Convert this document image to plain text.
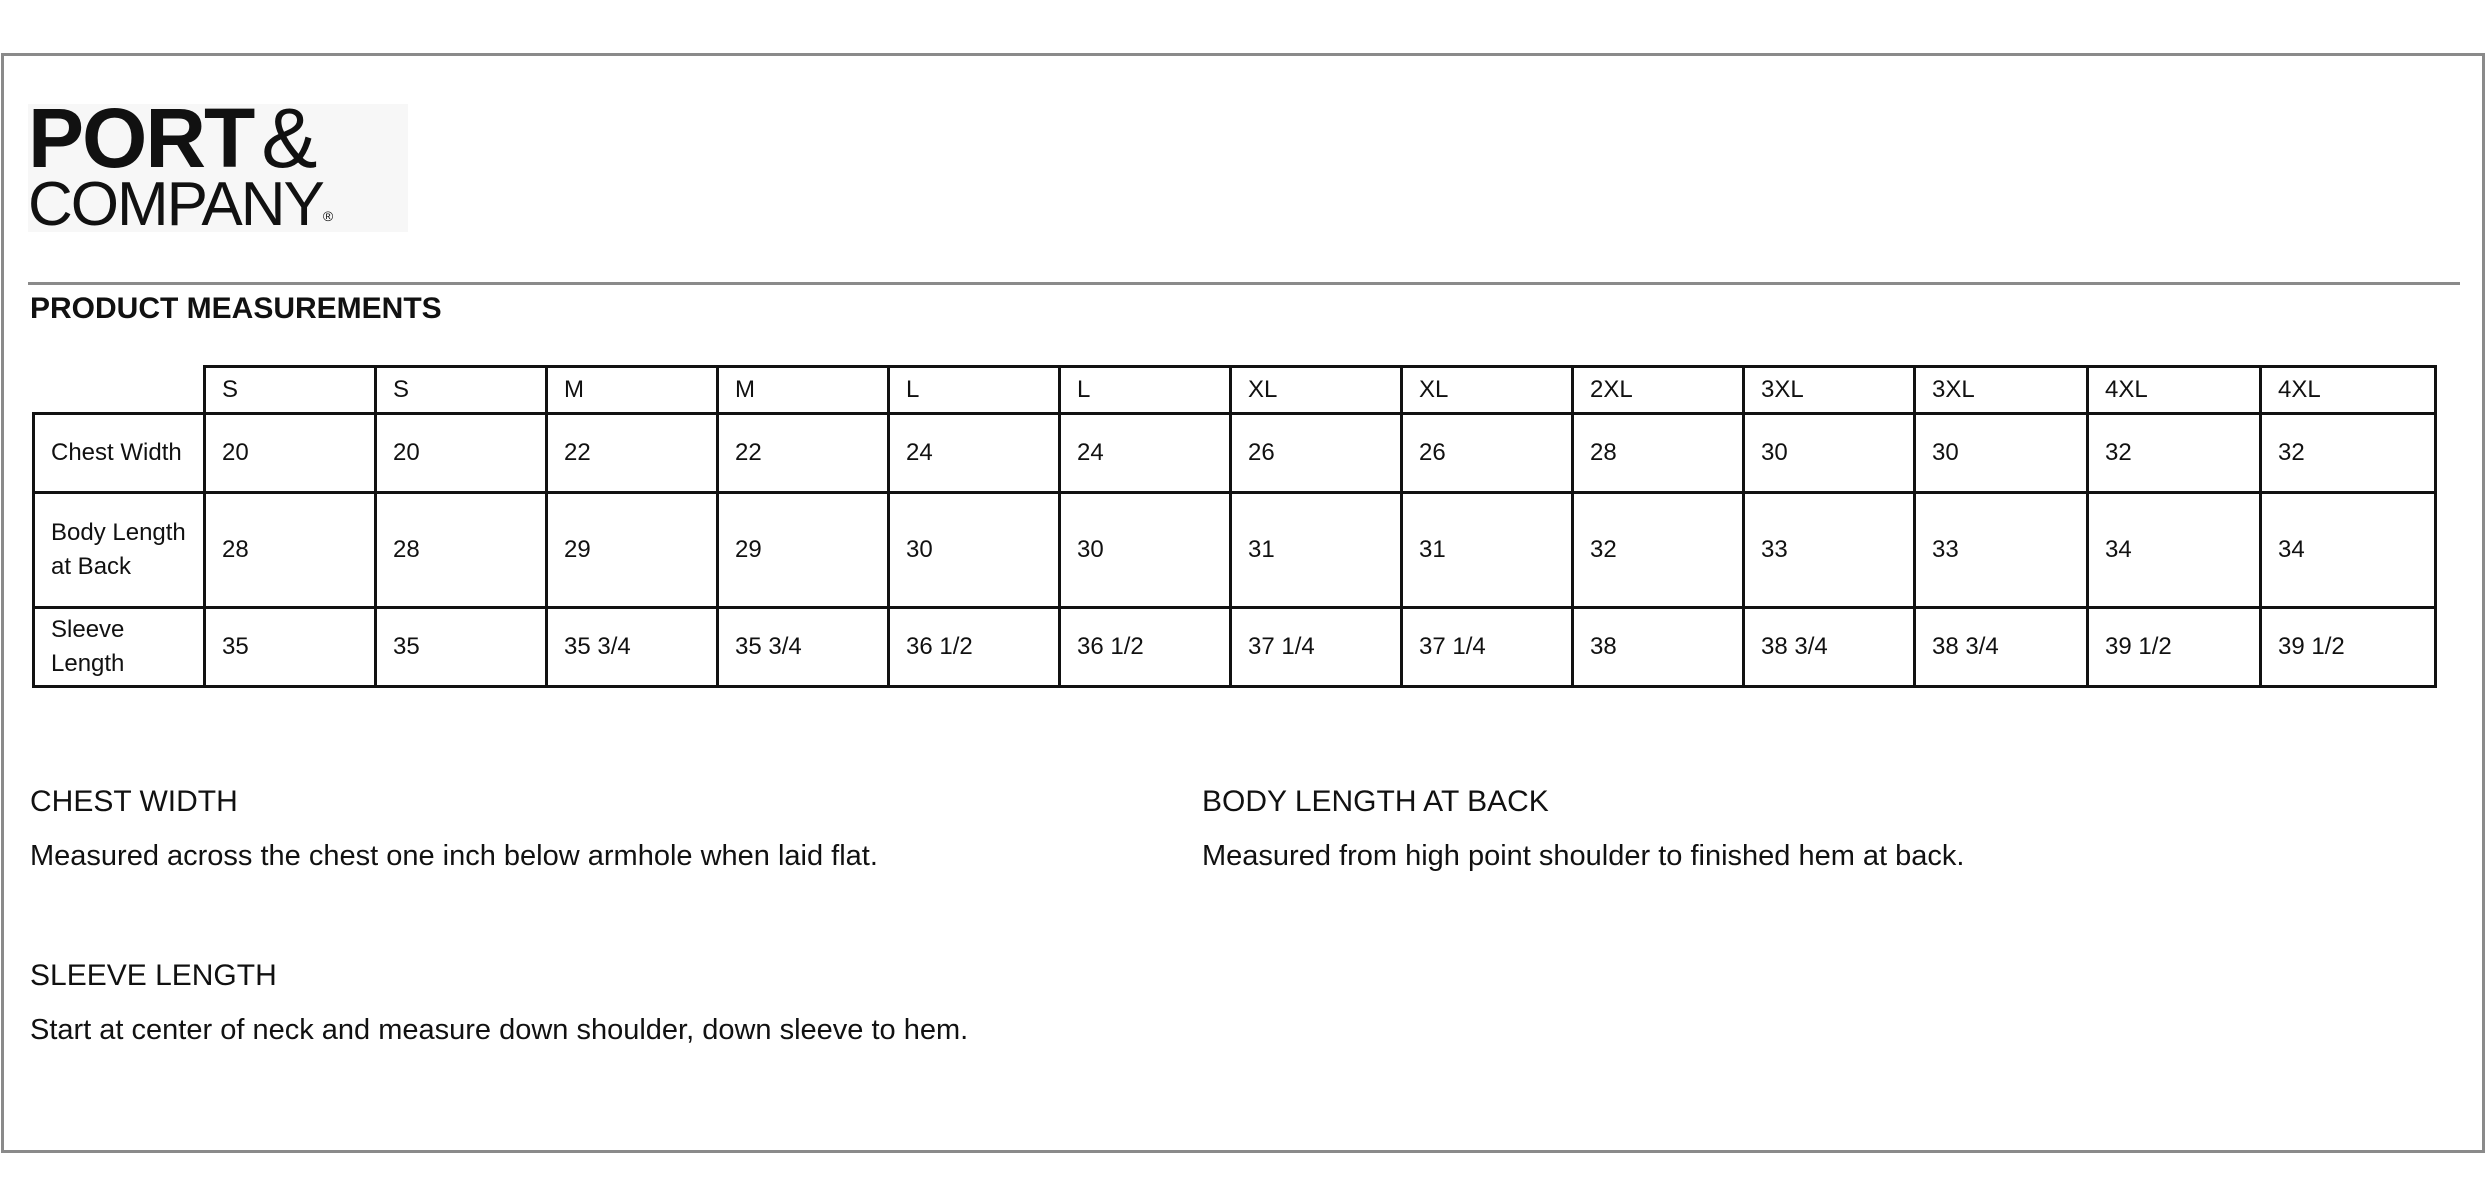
PORT&
COMPANY®
PRODUCT MEASUREMENTS
	S	S	M	M	L	L	XL	XL	2XL	3XL	3XL	4XL	4XL
Chest Width	20	20	22	22	24	24	26	26	28	30	30	32	32
Body Length at Back	28	28	29	29	30	30	31	31	32	33	33	34	34
Sleeve Length	35	35	35 3/4	35 3/4	36 1/2	36 1/2	37 1/4	37 1/4	38	38 3/4	38 3/4	39 1/2	39 1/2
CHEST WIDTH
Measured across the chest one inch below armhole when laid flat.
BODY LENGTH AT BACK
Measured from high point shoulder to finished hem at back.
SLEEVE LENGTH
Start at center of neck and measure down shoulder, down sleeve to hem.
